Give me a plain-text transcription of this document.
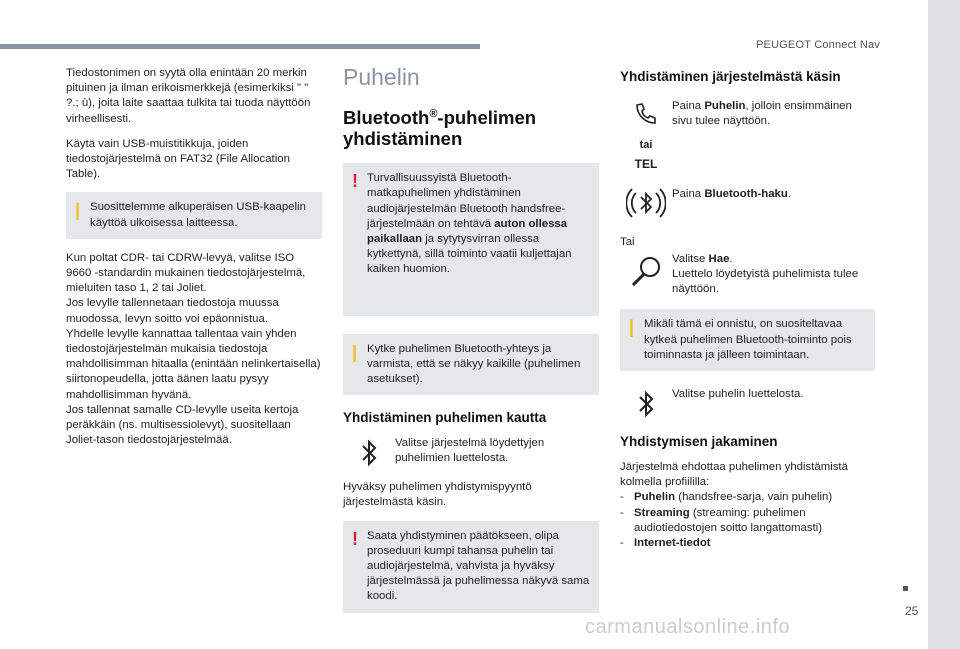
PEUGEOT Connect Nav

Tiedostonimen on syytä olla enintään 20 merkin pituinen ja ilman erikoismerkkejä (esimerkiksi " " ?.; ù), joita laite saattaa tulkita tai tuoda näyttöön virheellisesti.

Käytä vain USB-muistitikkuja, joiden tiedostojärjestelmä on FAT32 (File Allocation Table).

| Suosittelemme alkuperäisen USB-kaapelin käyttöä ulkoisessa laitteessa.

Kun poltat CDR- tai CDRW-levyä, valitse ISO 9660 -standardin mukainen tiedostojärjestelmä, mieluiten taso 1, 2 tai Joliet.

Jos levylle tallennetaan tiedostoja muussa muodossa, levyn soitto voi epäonnistua.

Yhdelle levylle kannattaa tallentaa vain yhden tiedostojärjestelmän mukaisia tiedostoja mahdollisimman hitaalla (enintään nelinkertaisella) siirtonopeudella, jotta äänen laatu pysyy mahdollisimman hyvänä.

Jos tallennat samalle CD-levylle useita kertoja peräkkäin (ns. multisessiolevyt), suositellaan Joliet-tason tiedostojärjestelmää.

Puhelin
Bluetooth®-puhelimen yhdistäminen
! Turvallisuussyistä Bluetooth-matkapuhelimen yhdistäminen audiojärjestelmän Bluetooth handsfree-järjestelmään on tehtävä auton ollessa paikallaan ja sytytysvirran ollessa kytkettynä, sillä toiminto vaatii kuljettajan kaiken huomion.
| Kytke puhelimen Bluetooth-yhteys ja varmista, että se näkyy kaikille (puhelimen asetukset).
Yhdistäminen puhelimen kautta
Valitse järjestelmä löydettyjen puhelimien luettelosta.

Hyväksy puhelimen yhdistymispyyntö järjestelmästä käsin.

! Saata yhdistyminen päätökseen, olipa proseduuri kumpi tahansa puhelin tai audiojärjestelmä, vahvista ja hyväksy järjestelmässä ja puhelimessa näkyvä sama koodi.
Yhdistäminen järjestelmästä käsin
tai
Paina Puhelin, jolloin ensimmäinen sivu tulee näyttöön.
TEL
Paina Bluetooth-haku.
Tai
Valitse Hae.
Luettelo löydetyistä puhelimista tulee näyttöön.
| Mikäli tämä ei onnistu, on suositeltavaa kytkeä puhelimen Bluetooth-toiminto pois toiminnasta ja jälleen toimintaan.
Valitse puhelin luettelosta.
Yhdistymisen jakaminen

Järjestelmä ehdottaa puhelimen yhdistämistä kolmella profiililla:

- Puhelin (handsfree-sarja, vain puhelin)
- Streaming (streaming: puhelimen audiotiedostojen soitto langattomasti)
- Internet-tiedot
25
carmanualsonline.info
